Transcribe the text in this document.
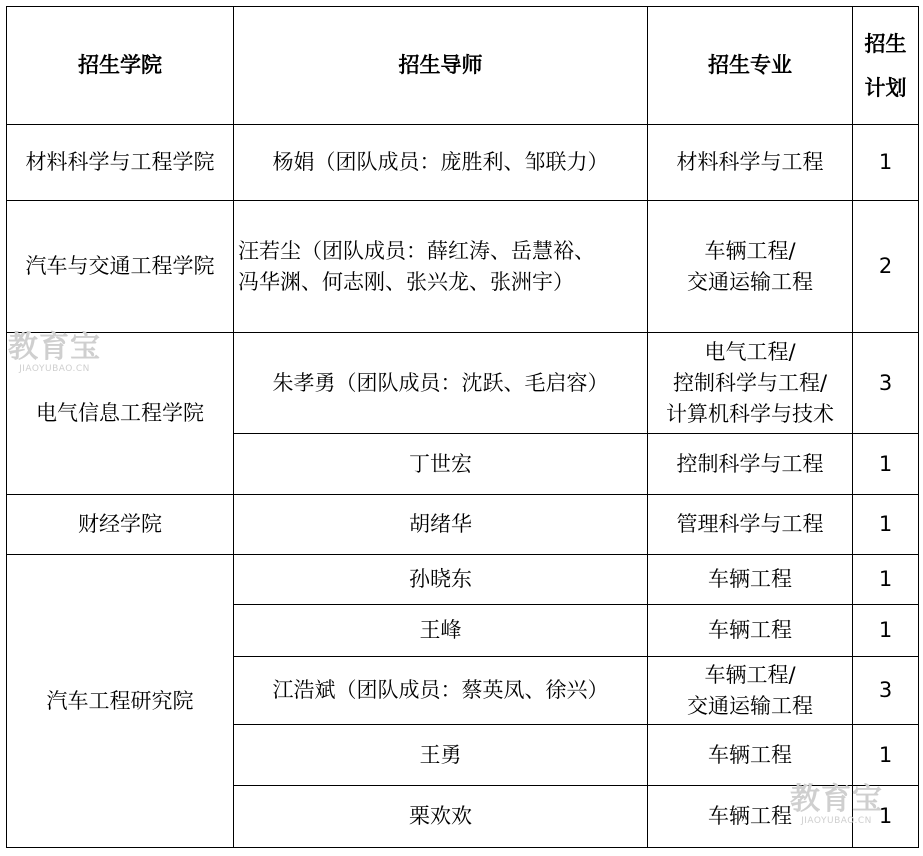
招生学院	招生导师	招生专业	招生
计划
材料科学与工程学院	杨娟（团队成员：庞胜利、邹联力）	材料科学与工程	1
汽车与交通工程学院	汪若尘（团队成员：薛红涛、岳慧裕、
冯华渊、何志刚、张兴龙、张洲宇）	车辆工程/
交通运输工程	2
电气信息工程学院	朱孝勇（团队成员：沈跃、毛启容）	电气工程/
控制科学与工程/
计算机科学与技术	3
	丁世宏	控制科学与工程	1
财经学院	胡绪华	管理科学与工程	1
汽车工程研究院	孙晓东	车辆工程	1
	王峰	车辆工程	1
	江浩斌（团队成员：蔡英凤、徐兴）	车辆工程/
交通运输工程	3
	王勇	车辆工程	1
	栗欢欢	车辆工程	1
教育宝
JIAOYUBAO.CN
教育宝
JIAOYUBAO.CN
